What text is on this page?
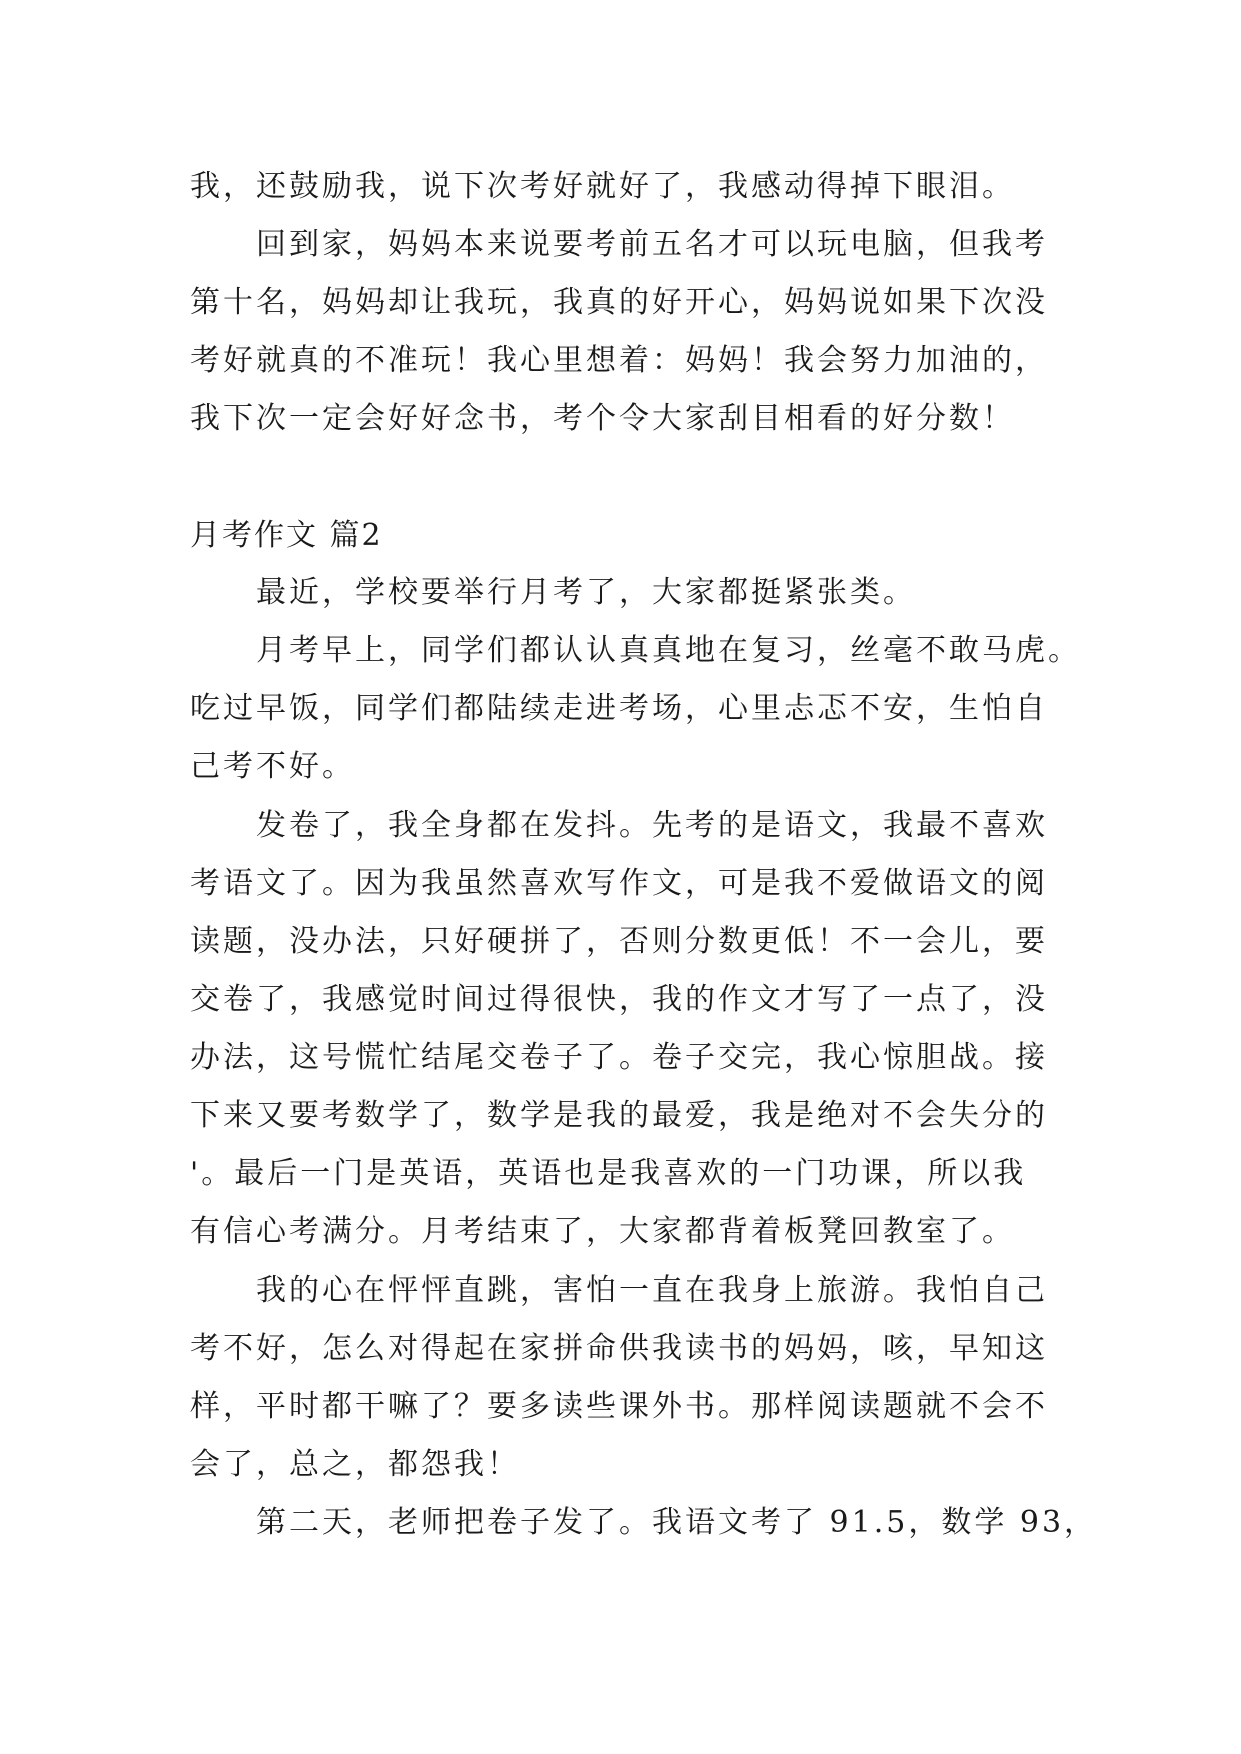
我，还鼓励我，说下次考好就好了，我感动得掉下眼泪。
回到家，妈妈本来说要考前五名才可以玩电脑，但我考
第十名，妈妈却让我玩，我真的好开心，妈妈说如果下次没
考好就真的不准玩！我心里想着：妈妈！我会努力加油的，
我下次一定会好好念书，考个令大家刮目相看的好分数！
月考作文 篇2
最近，学校要举行月考了，大家都挺紧张类。
月考早上，同学们都认认真真地在复习，丝毫不敢马虎。
吃过早饭，同学们都陆续走进考场，心里忐忑不安，生怕自
己考不好。
发卷了，我全身都在发抖。先考的是语文，我最不喜欢
考语文了。因为我虽然喜欢写作文，可是我不爱做语文的阅
读题，没办法，只好硬拼了，否则分数更低！不一会儿，要
交卷了，我感觉时间过得很快，我的作文才写了一点了，没
办法，这号慌忙结尾交卷子了。卷子交完，我心惊胆战。接
下来又要考数学了，数学是我的最爱，我是绝对不会失分的
'。最后一门是英语，英语也是我喜欢的一门功课，所以我
有信心考满分。月考结束了，大家都背着板凳回教室了。
我的心在怦怦直跳，害怕一直在我身上旅游。我怕自己
考不好，怎么对得起在家拼命供我读书的妈妈，咳，早知这
样，平时都干嘛了？要多读些课外书。那样阅读题就不会不
会了，总之，都怨我！
第二天，老师把卷子发了。我语文考了 91.5，数学 93，
